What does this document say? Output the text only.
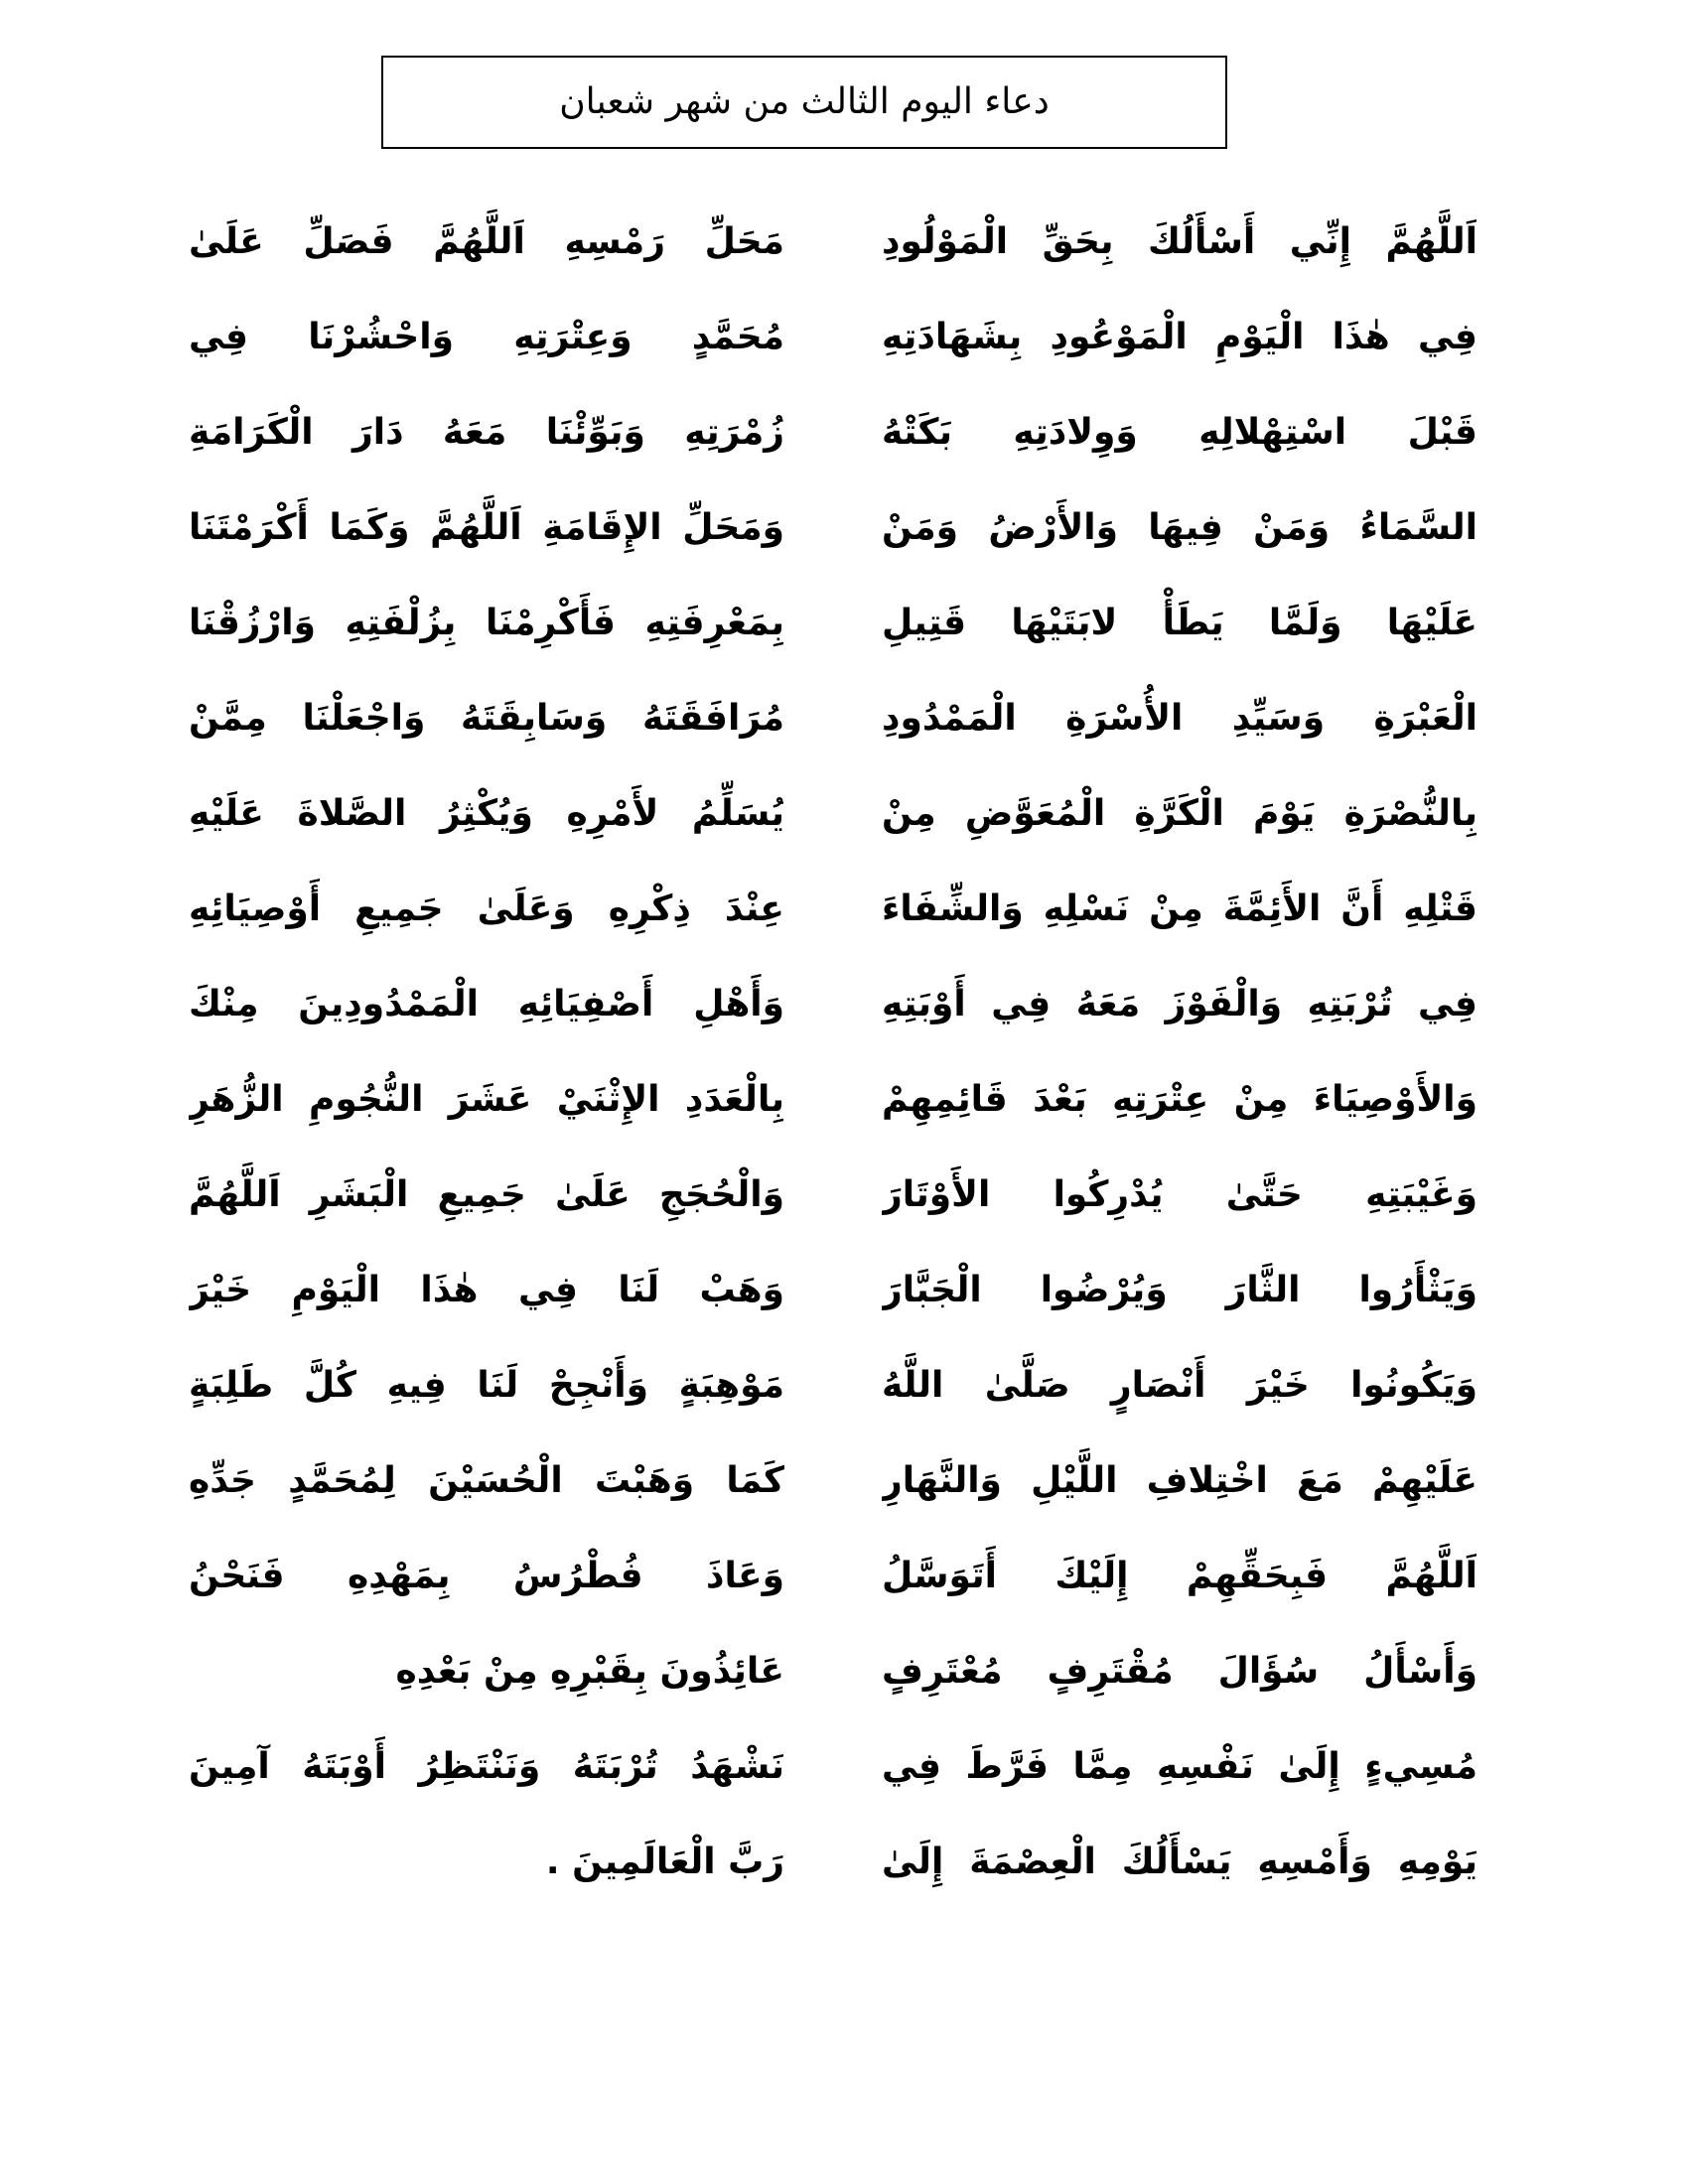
دعاء اليوم الثالث من شهر شعبان
اَللَّهُمَّ إِنِّي أَسْأَلُكَ بِحَقِّ الْمَوْلُودِ
فِي هٰذَا الْيَوْمِ الْمَوْعُودِ بِشَهَادَتِهِ
قَبْلَ اسْتِهْلالِهِ وَوِلادَتِهِ بَكَتْهُ
السَّمَاءُ وَمَنْ فِيهَا وَالأَرْضُ وَمَنْ
عَلَيْهَا وَلَمَّا يَطَأْ لابَتَيْهَا قَتِيلِ
الْعَبْرَةِ وَسَيِّدِ الأُسْرَةِ الْمَمْدُودِ
بِالنُّصْرَةِ يَوْمَ الْكَرَّةِ الْمُعَوَّضِ مِنْ
قَتْلِهِ أَنَّ الأَئِمَّةَ مِنْ نَسْلِهِ وَالشِّفَاءَ
فِي تُرْبَتِهِ وَالْفَوْزَ مَعَهُ فِي أَوْبَتِهِ
وَالأَوْصِيَاءَ مِنْ عِتْرَتِهِ بَعْدَ قَائِمِهِمْ
وَغَيْبَتِهِ حَتَّىٰ يُدْرِكُوا الأَوْتَارَ
وَيَثْأَرُوا الثَّارَ وَيُرْضُوا الْجَبَّارَ
وَيَكُونُوا خَيْرَ أَنْصَارٍ صَلَّىٰ اللَّهُ
عَلَيْهِمْ مَعَ اخْتِلافِ اللَّيْلِ وَالنَّهَارِ
اَللَّهُمَّ فَبِحَقِّهِمْ إِلَيْكَ أَتَوَسَّلُ
وَأَسْأَلُ سُؤَالَ مُقْتَرِفٍ مُعْتَرِفٍ
مُسِيءٍ إِلَىٰ نَفْسِهِ مِمَّا فَرَّطَ فِي
يَوْمِهِ وَأَمْسِهِ يَسْأَلُكَ الْعِصْمَةَ إِلَىٰ
مَحَلِّ رَمْسِهِ اَللَّهُمَّ فَصَلِّ عَلَىٰ
مُحَمَّدٍ وَعِتْرَتِهِ وَاحْشُرْنَا فِي
زُمْرَتِهِ وَبَوِّئْنَا مَعَهُ دَارَ الْكَرَامَةِ
وَمَحَلِّ الإِقَامَةِ اَللَّهُمَّ وَكَمَا أَكْرَمْتَنَا
بِمَعْرِفَتِهِ فَأَكْرِمْنَا بِزُلْفَتِهِ وَارْزُقْنَا
مُرَافَقَتَهُ وَسَابِقَتَهُ وَاجْعَلْنَا مِمَّنْ
يُسَلِّمُ لأَمْرِهِ وَيُكْثِرُ الصَّلاةَ عَلَيْهِ
عِنْدَ ذِكْرِهِ وَعَلَىٰ جَمِيعِ أَوْصِيَائِهِ
وَأَهْلِ أَصْفِيَائِهِ الْمَمْدُودِينَ مِنْكَ
بِالْعَدَدِ الإِثْنَيْ عَشَرَ النُّجُومِ الزُّهَرِ
وَالْحُجَجِ عَلَىٰ جَمِيعِ الْبَشَرِ اَللَّهُمَّ
وَهَبْ لَنَا فِي هٰذَا الْيَوْمِ خَيْرَ
مَوْهِبَةٍ وَأَنْجِحْ لَنَا فِيهِ كُلَّ طَلِبَةٍ
كَمَا وَهَبْتَ الْحُسَيْنَ لِمُحَمَّدٍ جَدِّهِ
وَعَاذَ فُطْرُسُ بِمَهْدِهِ فَنَحْنُ
عَائِذُونَ بِقَبْرِهِ مِنْ بَعْدِهِ
نَشْهَدُ تُرْبَتَهُ وَنَنْتَظِرُ أَوْبَتَهُ آمِينَ
رَبَّ الْعَالَمِينَ .
